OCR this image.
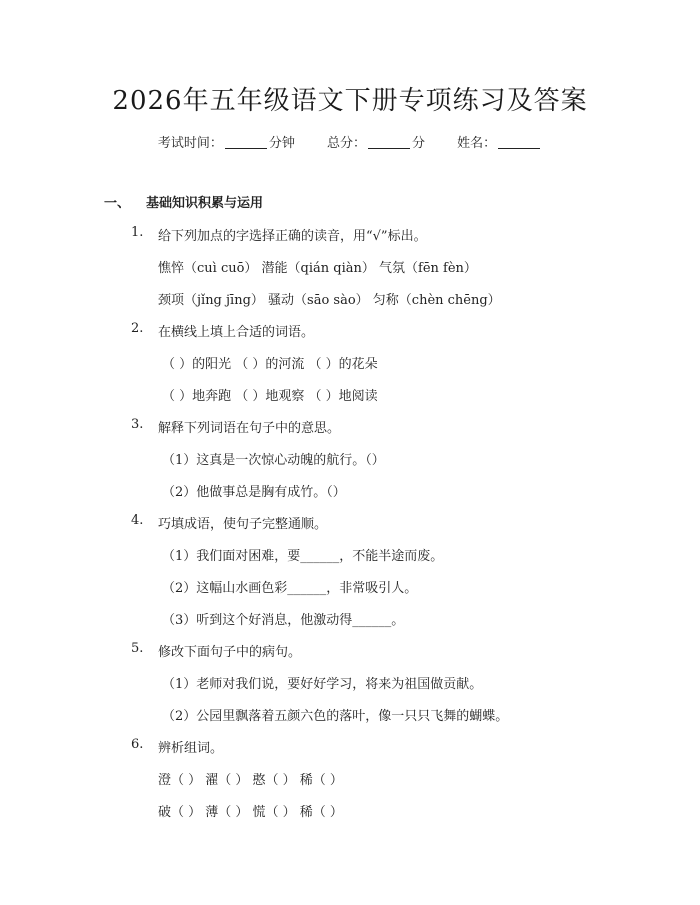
2026年五年级语文下册专项练习及答案
考试时间：	分钟 总分：	分 姓名：
一、 基础知识积累与运用
1. 给下列加点的字选择正确的读音，用“√”标出。
憔悴（cuì cuō） 潜能（qián qiàn） 气氛（fēn fèn）
颈项（jǐng jīng） 骚动（sāo sào） 匀称（chèn chēng）
2. 在横线上填上合适的词语。
（ ）的阳光 （ ）的河流 （ ）的花朵
（ ）地奔跑 （ ）地观察 （ ）地阅读
3. 解释下列词语在句子中的意思。
（1）这真是一次惊心动魄的航行。（）
（2）他做事总是胸有成竹。（）
4. 巧填成语，使句子完整通顺。
（1）我们面对困难，要______，不能半途而废。
（2）这幅山水画色彩______，非常吸引人。
（3）听到这个好消息，他激动得______。
5. 修改下面句子中的病句。
（1）老师对我们说，要好好学习，将来为祖国做贡献。
（2）公园里飘落着五颜六色的落叶，像一只只飞舞的蝴蝶。
6. 辨析组词。
澄（ ） 濯（ ） 憨（ ） 稀（ ）
破（ ） 薄（ ） 慌（ ） 稀（ ）
